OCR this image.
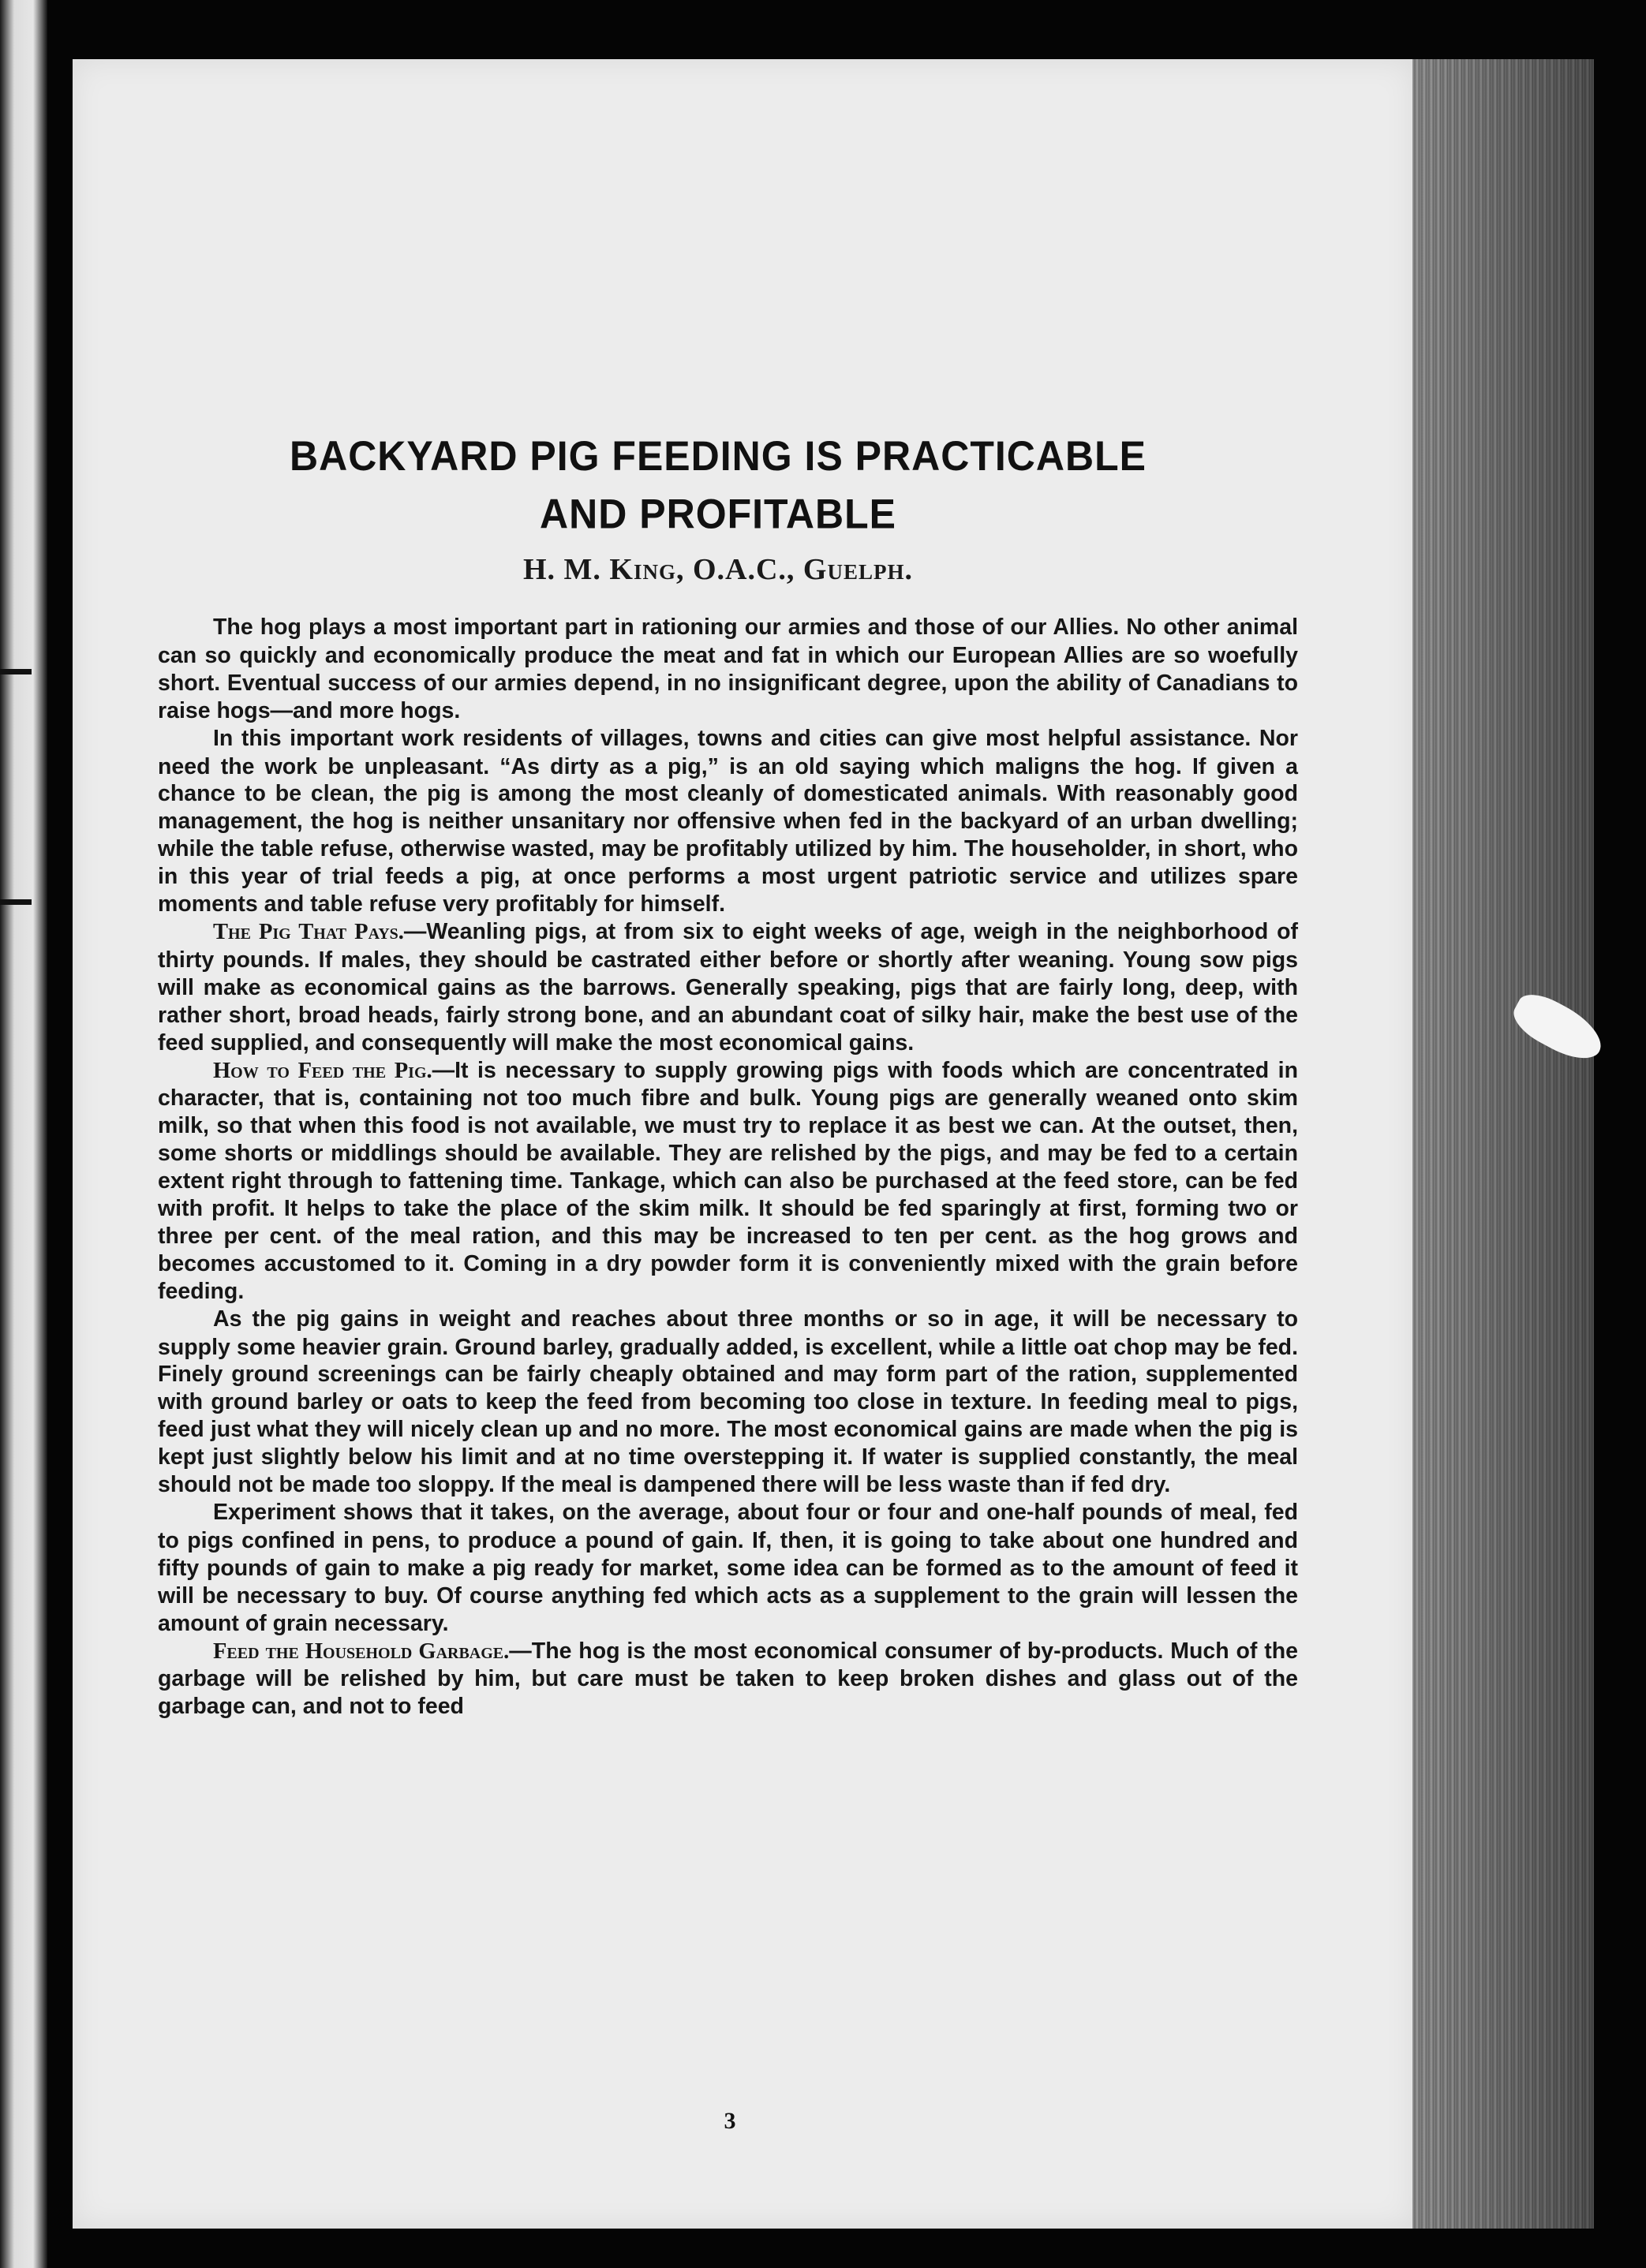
BACKYARD PIG FEEDING IS PRACTICABLE
AND PROFITABLE
H. M. King, O.A.C., Guelph.

The hog plays a most important part in rationing our armies and those of our Allies. No other animal can so quickly and economically produce the meat and fat in which our European Allies are so woefully short. Eventual success of our armies depend, in no insignificant degree, upon the ability of Canadians to raise hogs—and more hogs.

In this important work residents of villages, towns and cities can give most helpful assistance. Nor need the work be unpleasant. “As dirty as a pig,” is an old saying which maligns the hog. If given a chance to be clean, the pig is among the most cleanly of domesticated animals. With reasonably good management, the hog is neither unsanitary nor offensive when fed in the backyard of an urban dwelling; while the table refuse, otherwise wasted, may be profitably utilized by him. The householder, in short, who in this year of trial feeds a pig, at once performs a most urgent patriotic service and utilizes spare moments and table refuse very profitably for himself.

The Pig That Pays.—Weanling pigs, at from six to eight weeks of age, weigh in the neighborhood of thirty pounds. If males, they should be castrated either before or shortly after weaning. Young sow pigs will make as economical gains as the barrows. Generally speaking, pigs that are fairly long, deep, with rather short, broad heads, fairly strong bone, and an abundant coat of silky hair, make the best use of the feed supplied, and consequently will make the most economical gains.

How to Feed the Pig.—It is necessary to supply growing pigs with foods which are concentrated in character, that is, containing not too much fibre and bulk. Young pigs are generally weaned onto skim milk, so that when this food is not available, we must try to replace it as best we can. At the outset, then, some shorts or middlings should be available. They are relished by the pigs, and may be fed to a certain extent right through to fattening time. Tankage, which can also be purchased at the feed store, can be fed with profit. It helps to take the place of the skim milk. It should be fed sparingly at first, forming two or three per cent. of the meal ration, and this may be increased to ten per cent. as the hog grows and becomes accustomed to it. Coming in a dry powder form it is conveniently mixed with the grain before feeding.

As the pig gains in weight and reaches about three months or so in age, it will be necessary to supply some heavier grain. Ground barley, gradually added, is excellent, while a little oat chop may be fed. Finely ground screenings can be fairly cheaply obtained and may form part of the ration, supplemented with ground barley or oats to keep the feed from becoming too close in texture. In feeding meal to pigs, feed just what they will nicely clean up and no more. The most economical gains are made when the pig is kept just slightly below his limit and at no time overstepping it. If water is supplied constantly, the meal should not be made too sloppy. If the meal is dampened there will be less waste than if fed dry.

Experiment shows that it takes, on the average, about four or four and one-half pounds of meal, fed to pigs confined in pens, to produce a pound of gain. If, then, it is going to take about one hundred and fifty pounds of gain to make a pig ready for market, some idea can be formed as to the amount of feed it will be necessary to buy. Of course anything fed which acts as a supplement to the grain will lessen the amount of grain necessary.

Feed the Household Garbage.—The hog is the most economical consumer of by-products. Much of the garbage will be relished by him, but care must be taken to keep broken dishes and glass out of the garbage can, and not to feed

3
